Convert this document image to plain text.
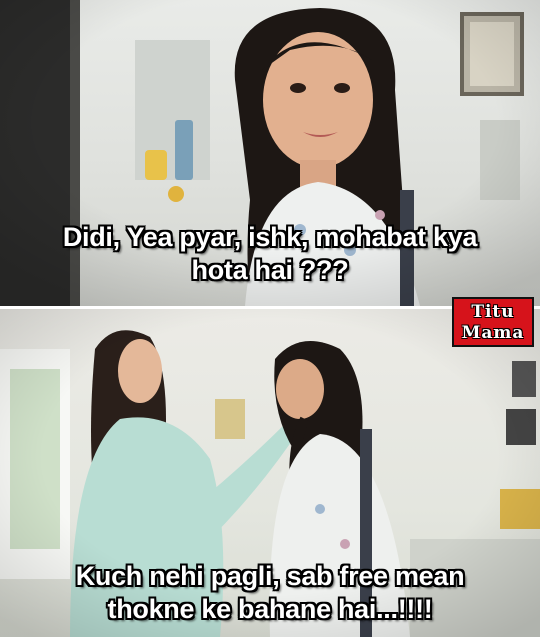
Didi, Yea pyar, ishk, mohabat kya
hota hai ???
Kuch nehi pagli, sab free mean
thokne ke bahane hai...!!!!
Titu
Mama
